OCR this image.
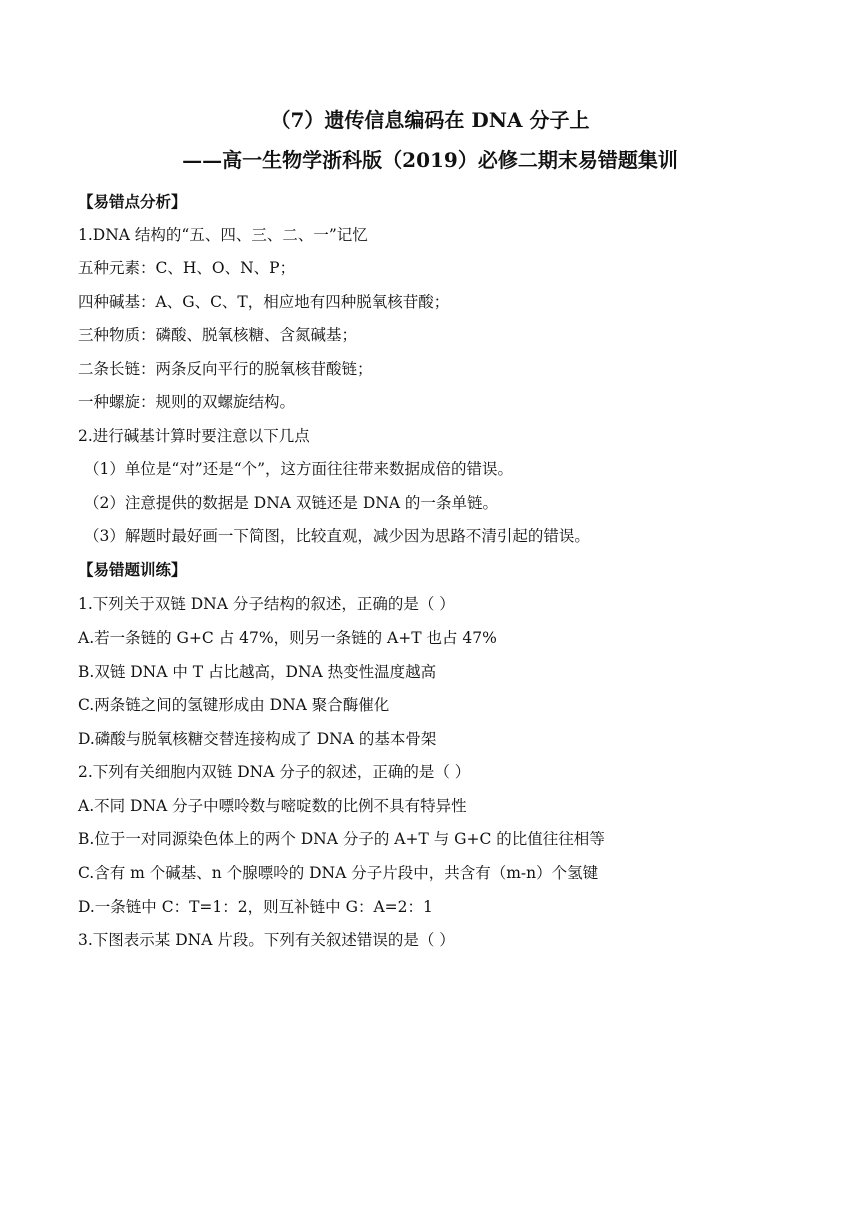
（7）遗传信息编码在 DNA 分子上
——高一生物学浙科版（2019）必修二期末易错题集训
【易错点分析】
1.DNA 结构的“五、四、三、二、一”记忆
五种元素：C、H、O、N、P；
四种碱基：A、G、C、T，相应地有四种脱氧核苷酸；
三种物质：磷酸、脱氧核糖、含氮碱基；
二条长链：两条反向平行的脱氧核苷酸链；
一种螺旋：规则的双螺旋结构。
2.进行碱基计算时要注意以下几点
（1）单位是“对”还是“个”，这方面往往带来数据成倍的错误。
（2）注意提供的数据是 DNA 双链还是 DNA 的一条单链。
（3）解题时最好画一下简图，比较直观，减少因为思路不清引起的错误。
【易错题训练】
1.下列关于双链 DNA 分子结构的叙述，正确的是（ ）
A.若一条链的 G+C 占 47%，则另一条链的 A+T 也占 47%
B.双链 DNA 中 T 占比越高，DNA 热变性温度越高
C.两条链之间的氢键形成由 DNA 聚合酶催化
D.磷酸与脱氧核糖交替连接构成了 DNA 的基本骨架
2.下列有关细胞内双链 DNA 分子的叙述，正确的是（ ）
A.不同 DNA 分子中嘌呤数与嘧啶数的比例不具有特异性
B.位于一对同源染色体上的两个 DNA 分子的 A+T 与 G+C 的比值往往相等
C.含有 m 个碱基、n 个腺嘌呤的 DNA 分子片段中，共含有（m-n）个氢键
D.一条链中 C：T=1：2，则互补链中 G：A=2：1
3.下图表示某 DNA 片段。下列有关叙述错误的是（ ）
